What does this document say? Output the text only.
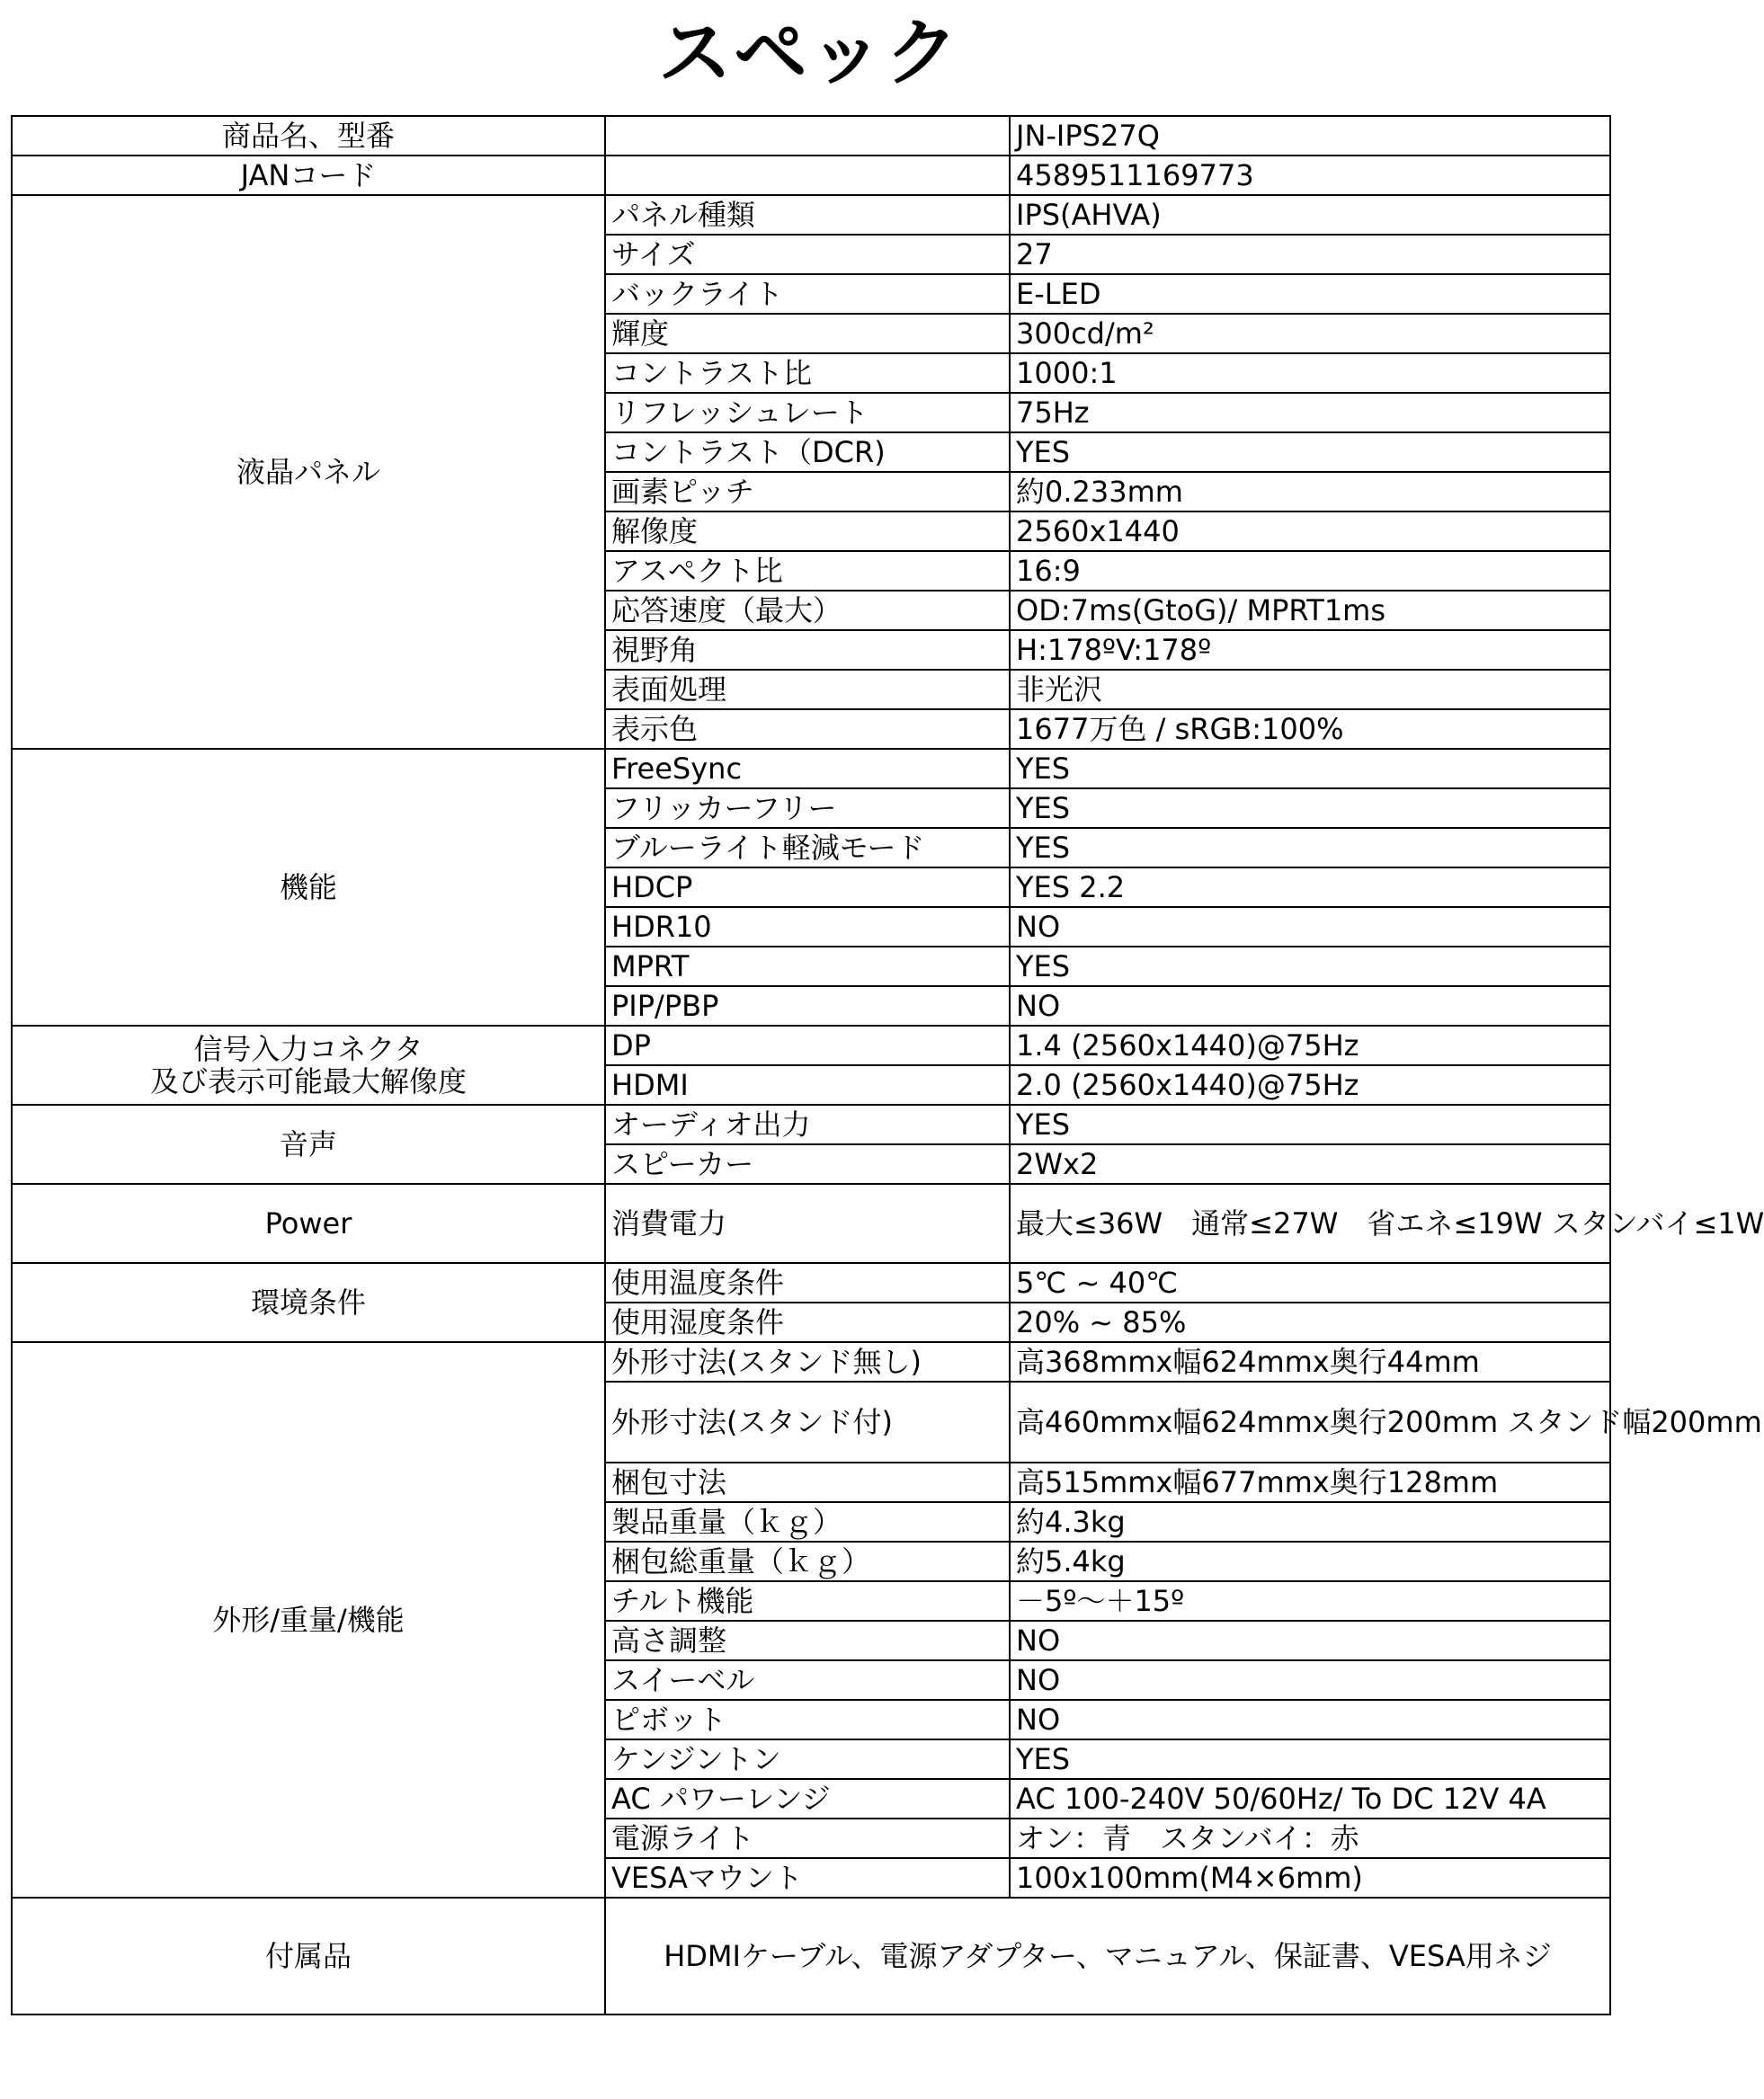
スペック
商品名、型番		JN-IPS27Q
JANコード		4589511169773
液晶パネル	パネル種類	IPS(AHVA)
	サイズ	27
	バックライト	E-LED
	輝度	300cd/m²
	コントラスト比	1000:1
	リフレッシュレート	75Hz
	コントラスト（DCR)	YES
	画素ピッチ	約0.233mm
	解像度	2560x1440
	アスペクト比	16:9
	応答速度（最大）	OD:7ms(GtoG)/ MPRT1ms
	視野角	H:178ºV:178º
	表面処理	非光沢
	表示色	1677万色 / sRGB:100%
機能	FreeSync	YES
	フリッカーフリー	YES
	ブルーライト軽減モード	YES
	HDCP	YES 2.2
	HDR10	NO
	MPRT	YES
	PIP/PBP	NO
信号入力コネクタ
及び表示可能最大解像度	DP	1.4 (2560x1440)@75Hz
	HDMI	2.0 (2560x1440)@75Hz
音声	オーディオ出力	YES
	スピーカー	2Wx2
Power	消費電力	最大≤36W　通常≤27W　省エネ≤19W スタンバイ≤1W
環境条件	使用温度条件	5℃ ~ 40℃
	使用湿度条件	20% ~ 85%
外形/重量/機能	外形寸法(スタンド無し)	高368mmx幅624mmx奥行44mm
	外形寸法(スタンド付)	高460mmx幅624mmx奥行200mm スタンド幅200mm
	梱包寸法	高515mmx幅677mmx奥行128mm
	製品重量（ｋｇ）	約4.3kg
	梱包総重量（ｋｇ）	約5.4kg
	チルト機能	－5º～＋15º
	高さ調整	NO
	スイーベル	NO
	ピボット	NO
	ケンジントン	YES
	AC パワーレンジ	AC 100-240V 50/60Hz/ To DC 12V 4A
	電源ライト	オン：青　スタンバイ：赤
	VESAマウント	100x100mm(M4×6mm)
付属品	HDMIケーブル、電源アダプター、マニュアル、保証書、VESA用ネジ	
